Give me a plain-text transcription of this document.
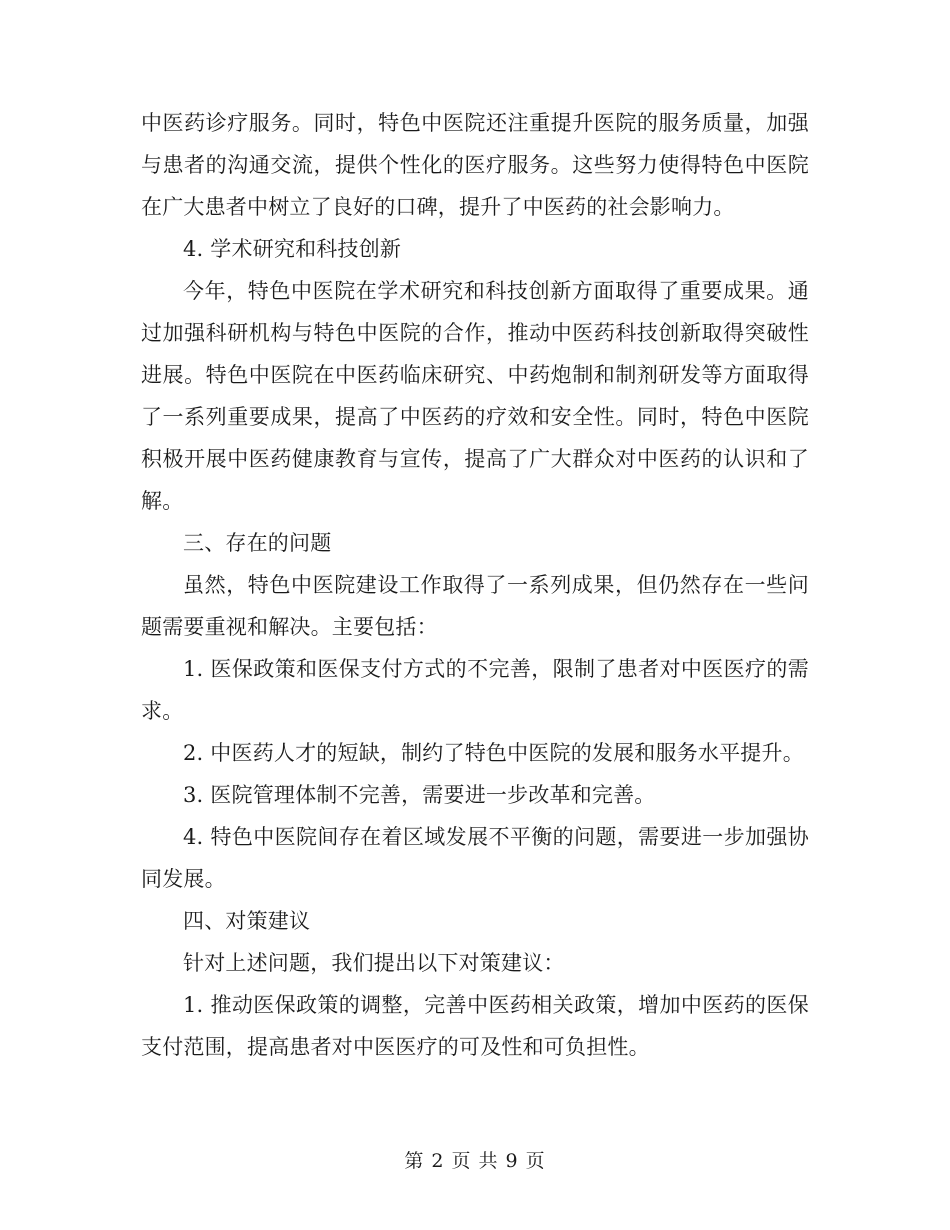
中医药诊疗服务。同时，特色中医院还注重提升医院的服务质量，加强与患者的沟通交流，提供个性化的医疗服务。这些努力使得特色中医院在广大患者中树立了良好的口碑，提升了中医药的社会影响力。

4. 学术研究和科技创新

今年，特色中医院在学术研究和科技创新方面取得了重要成果。通过加强科研机构与特色中医院的合作，推动中医药科技创新取得突破性进展。特色中医院在中医药临床研究、中药炮制和制剂研发等方面取得了一系列重要成果，提高了中医药的疗效和安全性。同时，特色中医院积极开展中医药健康教育与宣传，提高了广大群众对中医药的认识和了解。

三、存在的问题

虽然，特色中医院建设工作取得了一系列成果，但仍然存在一些问题需要重视和解决。主要包括：

1. 医保政策和医保支付方式的不完善，限制了患者对中医医疗的需求。

2. 中医药人才的短缺，制约了特色中医院的发展和服务水平提升。

3. 医院管理体制不完善，需要进一步改革和完善。

4. 特色中医院间存在着区域发展不平衡的问题，需要进一步加强协同发展。

四、对策建议

针对上述问题，我们提出以下对策建议：

1. 推动医保政策的调整，完善中医药相关政策，增加中医药的医保支付范围，提高患者对中医医疗的可及性和可负担性。

第 2 页 共 9 页
